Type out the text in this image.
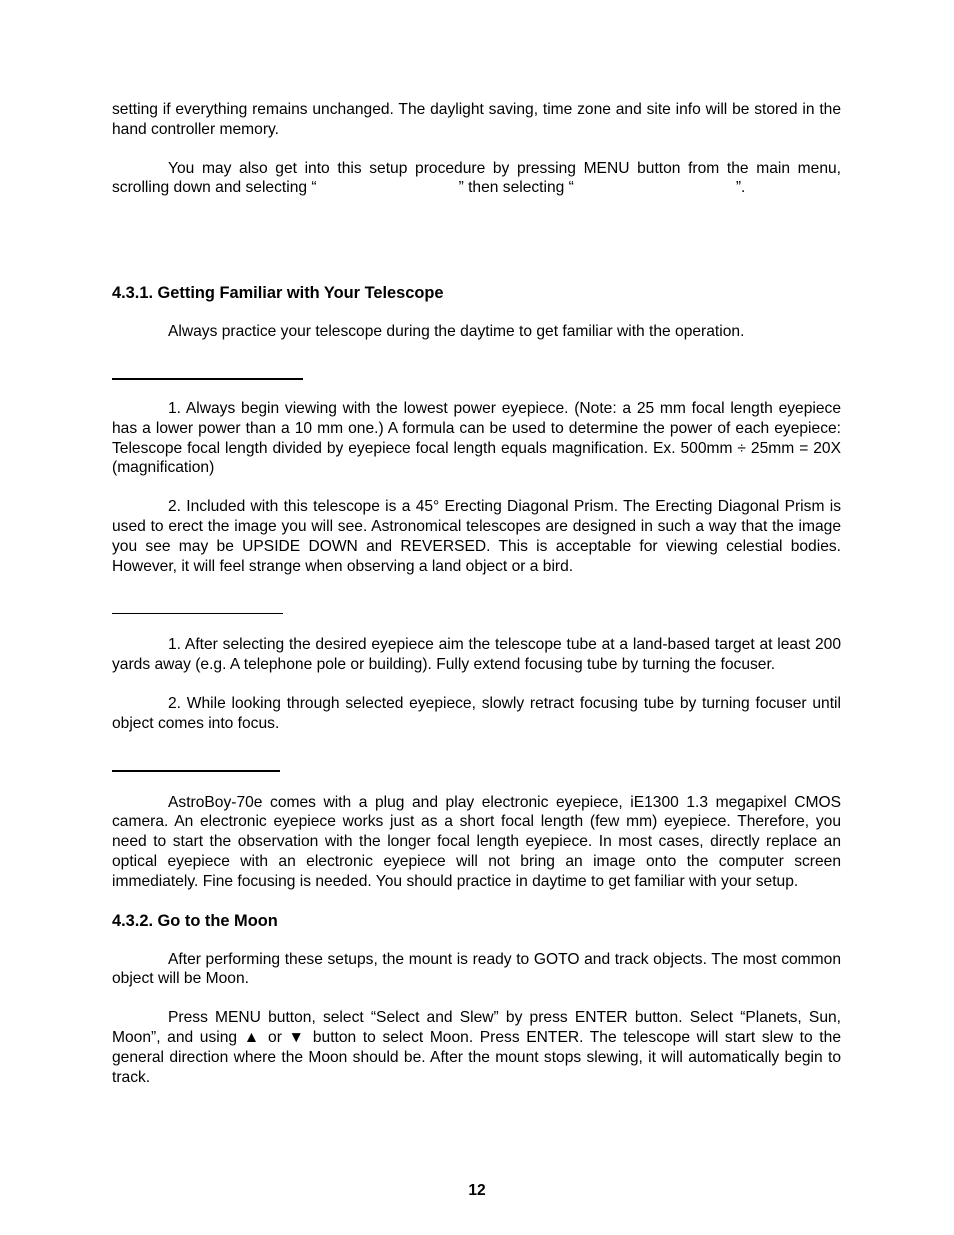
setting if everything remains unchanged. The daylight saving, time zone and site info will be stored in the hand controller memory.

You may also get into this setup procedure by pressing MENU button from the main menu, scrolling down and selecting “	” then selecting “	”.

4.3.1. Getting Familiar with Your Telescope

Always practice your telescope during the daytime to get familiar with the operation.

1. Always begin viewing with the lowest power eyepiece. (Note: a 25 mm focal length eyepiece has a lower power than a 10 mm one.) A formula can be used to determine the power of each eyepiece: Telescope focal length divided by eyepiece focal length equals magnification. Ex. 500mm ÷ 25mm = 20X (magnification)

2. Included with this telescope is a 45° Erecting Diagonal Prism. The Erecting Diagonal Prism is used to erect the image you will see. Astronomical telescopes are designed in such a way that the image you see may be UPSIDE DOWN and REVERSED. This is acceptable for viewing celestial bodies. However, it will feel strange when observing a land object or a bird.

1. After selecting the desired eyepiece aim the telescope tube at a land-based target at least 200 yards away (e.g. A telephone pole or building). Fully extend focusing tube by turning the focuser.

2. While looking through selected eyepiece, slowly retract focusing tube by turning focuser until object comes into focus.

AstroBoy-70e comes with a plug and play electronic eyepiece, iE1300 1.3 megapixel CMOS camera. An electronic eyepiece works just as a short focal length (few mm) eyepiece. Therefore, you need to start the observation with the longer focal length eyepiece. In most cases, directly replace an optical eyepiece with an electronic eyepiece will not bring an image onto the computer screen immediately. Fine focusing is needed. You should practice in daytime to get familiar with your setup.

4.3.2. Go to the Moon

After performing these setups, the mount is ready to GOTO and track objects. The most common object will be Moon.

Press MENU button, select “Select and Slew” by press ENTER button. Select “Planets, Sun, Moon”, and using ▲ or ▼ button to select Moon. Press ENTER. The telescope will start slew to the general direction where the Moon should be. After the mount stops slewing, it will automatically begin to track.

12
